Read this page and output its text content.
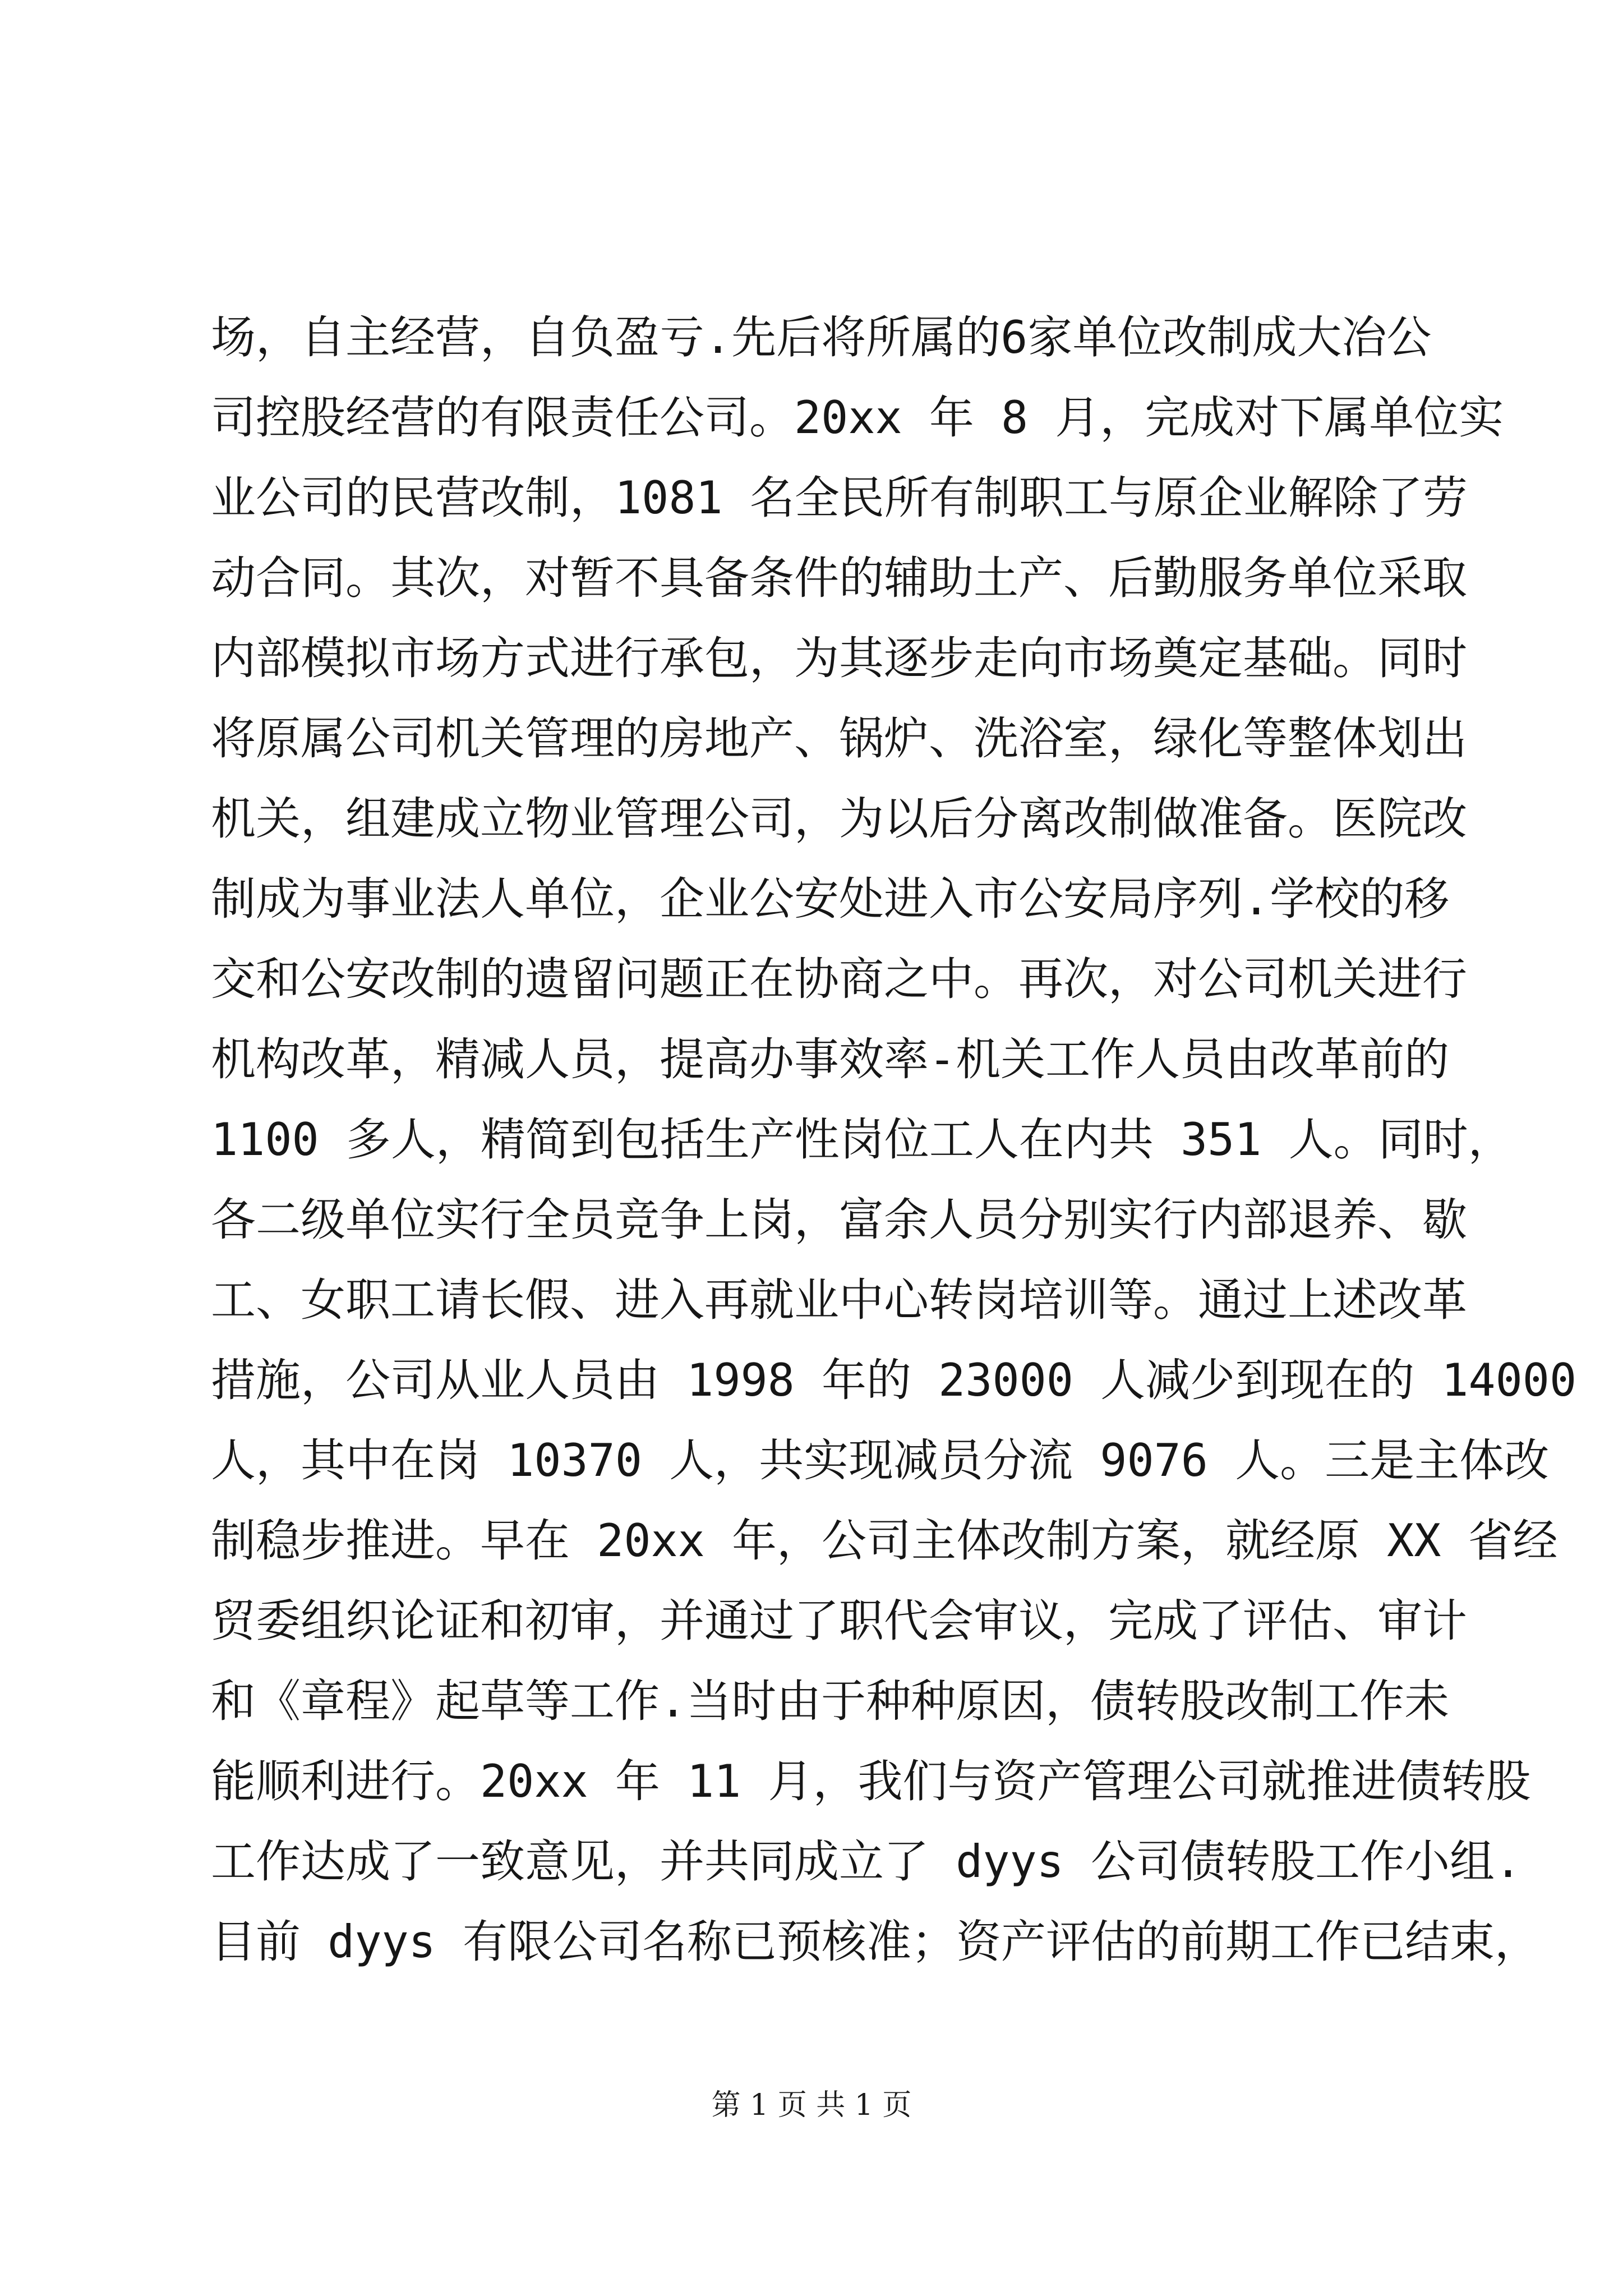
场，自主经营，自负盈亏.先后将所属的6家单位改制成大冶公
司控股经营的有限责任公司。20xx 年 8 月，完成对下属单位实
业公司的民营改制，1081 名全民所有制职工与原企业解除了劳
动合同。其次，对暂不具备条件的辅助土产、后勤服务单位采取
内部模拟市场方式进行承包，为其逐步走向市场奠定基础。同时
将原属公司机关管理的房地产、锅炉、洗浴室，绿化等整体划出
机关，组建成立物业管理公司，为以后分离改制做准备。医院改
制成为事业法人单位，企业公安处进入市公安局序列.学校的移
交和公安改制的遗留问题正在协商之中。再次，对公司机关进行
机构改革，精减人员，提高办事效率-机关工作人员由改革前的
1100 多人，精简到包括生产性岗位工人在内共 351 人。同时，
各二级单位实行全员竞争上岗，富余人员分别实行内部退养、歇
工、女职工请长假、进入再就业中心转岗培训等。通过上述改革
措施，公司从业人员由 1998 年的 23000 人减少到现在的 14000
人，其中在岗 10370 人，共实现减员分流 9076 人。三是主体改
制稳步推进。早在 20xx 年，公司主体改制方案，就经原 XX 省经
贸委组织论证和初审，并通过了职代会审议，完成了评估、审计
和《章程》起草等工作.当时由于种种原因，债转股改制工作未
能顺利进行。20xx 年 11 月，我们与资产管理公司就推进债转股
工作达成了一致意见，并共同成立了 dyys 公司债转股工作小组.
目前 dyys 有限公司名称已预核准；资产评估的前期工作已结束，
第 1 页 共 1 页
